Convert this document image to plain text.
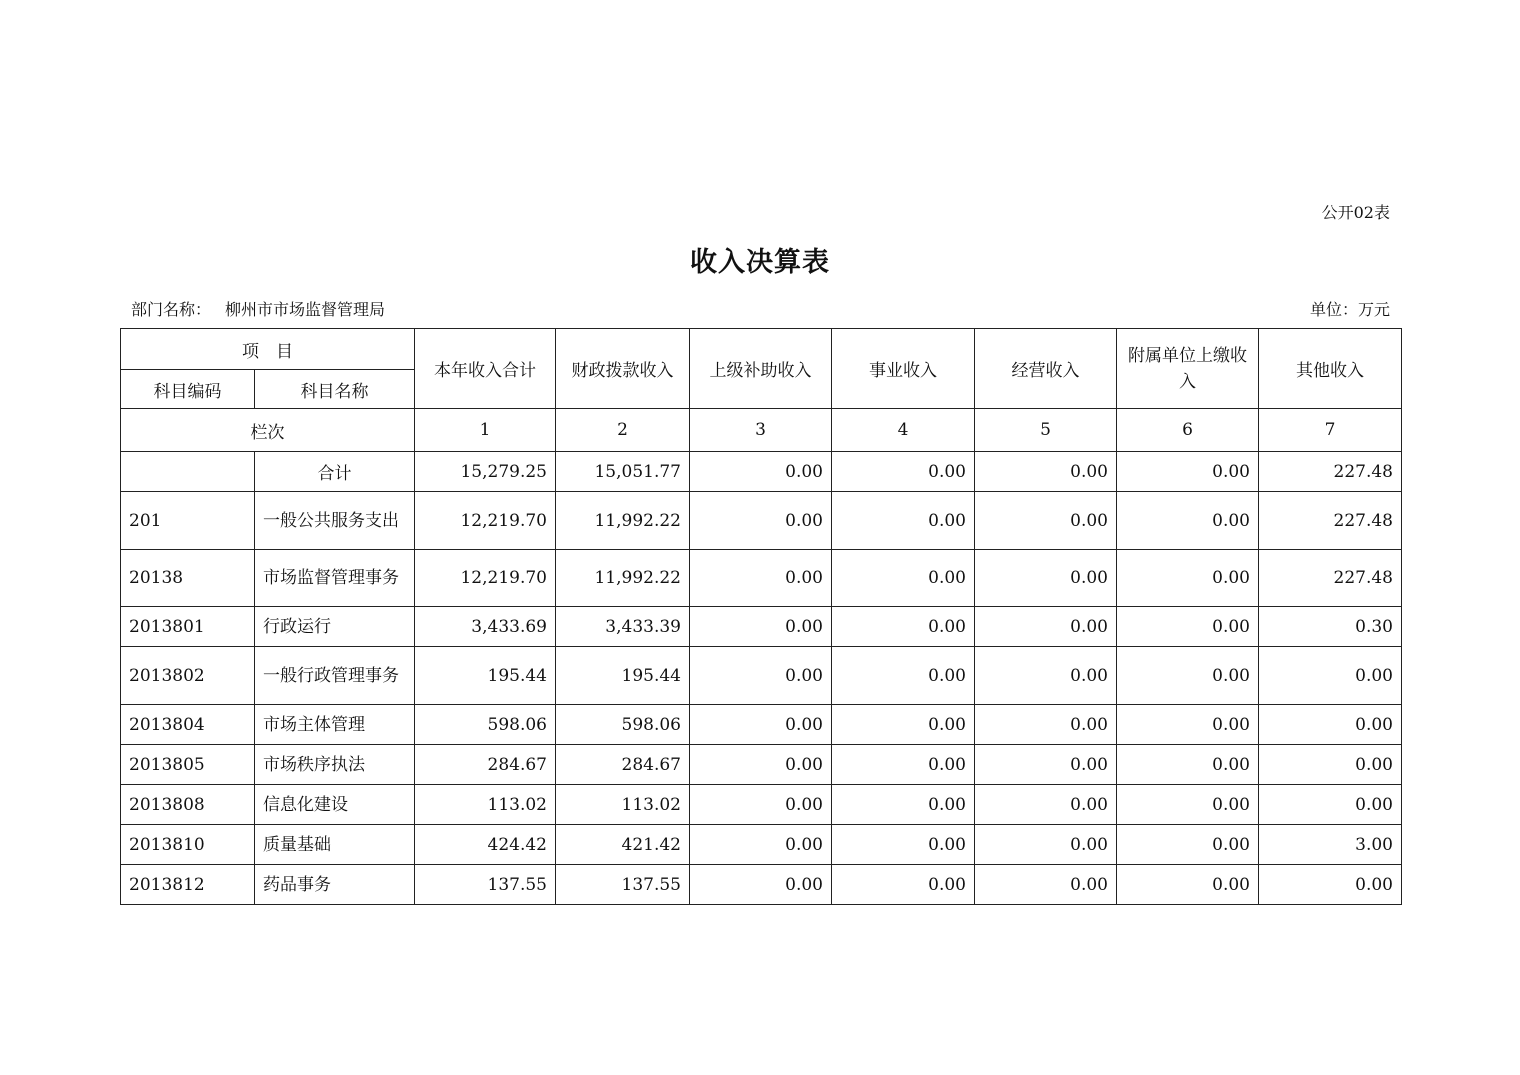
公开02表
收入决算表
部门名称： 柳州市市场监督管理局	单位：万元
项　目		本年收入合计	财政拨款收入	上级补助收入	事业收入	经营收入	附属单位上缴收入	其他收入
科目编码	科目名称							
栏次		1	2	3	4	5	6	7
	合计	15,279.25	15,051.77	0.00	0.00	0.00	0.00	227.48
201	一般公共服务支出	12,219.70	11,992.22	0.00	0.00	0.00	0.00	227.48
20138	市场监督管理事务	12,219.70	11,992.22	0.00	0.00	0.00	0.00	227.48
2013801	行政运行	3,433.69	3,433.39	0.00	0.00	0.00	0.00	0.30
2013802	一般行政管理事务	195.44	195.44	0.00	0.00	0.00	0.00	0.00
2013804	市场主体管理	598.06	598.06	0.00	0.00	0.00	0.00	0.00
2013805	市场秩序执法	284.67	284.67	0.00	0.00	0.00	0.00	0.00
2013808	信息化建设	113.02	113.02	0.00	0.00	0.00	0.00	0.00
2013810	质量基础	424.42	421.42	0.00	0.00	0.00	0.00	3.00
2013812	药品事务	137.55	137.55	0.00	0.00	0.00	0.00	0.00
